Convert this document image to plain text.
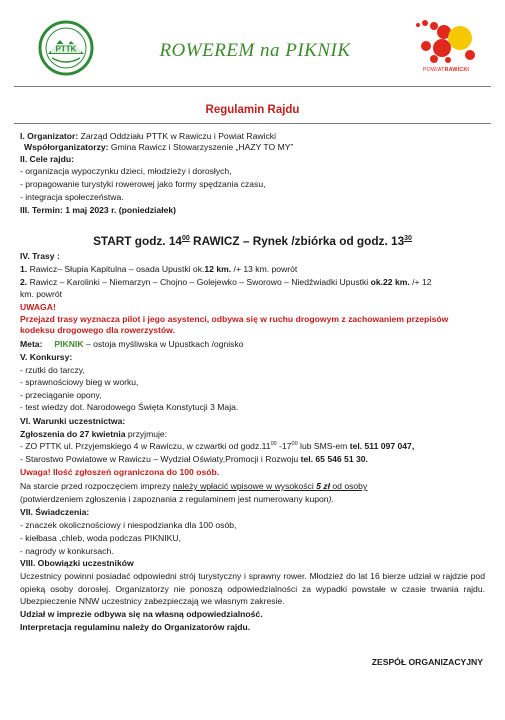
PTTK	ROWEREM na PIKNIK
POWIATRAWICKI
Regulamin Rajdu
I. Organizator: Zarząd Oddziału PTTK w Rawiczu i Powiat Rawicki
Współorganizatorzy: Gmina Rawicz i Stowarzyszenie „HAZY TO MY”
II. Cele rajdu:
- organizacja wypoczynku dzieci, młodzieży i dorosłych,
- propagowanie turystyki rowerowej jako formy spędzania czasu,
- integracja społeczeństwa.
III. Termin: 1 maj 2023 r. (poniedziałek)
START godz. $14^{00}$ RAWICZ – Rynek /zbiórka od godz. $13^{30}$
IV. Trasy :
1. Rawicz– Słupia Kapitulna – osada Upustki ok.12 km. /+ 13 km. powrót
2. Rawicz – Karolinki – Niemarzyn – Chojno – Golejewko – Sworowo – Niedźwiadki Upustki ok.22 km. /+ 12
km. powrót
UWAGA!
Przejazd trasy wyznacza pilot i jego asystenci, odbywa się w ruchu drogowym z zachowaniem przepisów
kodeksu drogowego dla rowerzystów.
Meta: PIKNIK – ostoja myśliwska w Upustkach /ognisko
V. Konkursy:
- rzutki do tarczy,
- sprawnościowy bieg w worku,
- przeciąganie opony,
- test wiedzy dot. Narodowego Święta Konstytucji 3 Maja.
VI. Warunki uczestnictwa:
Zgłoszenia do 27 kwietnia przyjmuje:
- ZO PTTK ul. Przyjemskiego 4 w Rawiczu, w czwartki od $godz.11^{00}$ $-17^{00}$ lub SMS-em tel. 511 097 047,
- Starostwo Powiatowe w Rawiczu – Wydział Oświaty,Promocji i Rozwoju tel. 65 546 51 30.
Uwaga! Ilość zgłoszeń ograniczona do 100 osób.
Na starcie przed rozpoczęciem imprezy należy wpłacić wpisowe w wysokości 5 zł od osoby
(potwierdzeniem zgłoszenia i zapoznania z regulaminem jest numerowany kupon).
VII. Świadczenia:
- znaczek okolicznościowy i niespodzianka dla 100 osób,
- kiełbasa ,chleb, woda podczas PIKNIKU,
- nagrody w konkursach.
VIII. Obowiązki uczestników
Uczestnicy powinni posiadać odpowiedni strój turystyczny i sprawny rower. Młodzież do lat 16 bierze udział w rajdzie pod opieką osoby dorosłej. Organizatorzy nie ponoszą odpowiedzialności za wypadki powstałe w czasie trwania rajdu. Ubezpieczenie NNW uczestnicy zabezpieczają we własnym zakresie.
Udział w imprezie odbywa się na własną odpowiedzialność.
Interpretacja regulaminu należy do Organizatorów rajdu.
ZESPÓŁ ORGANIZACYJNY
